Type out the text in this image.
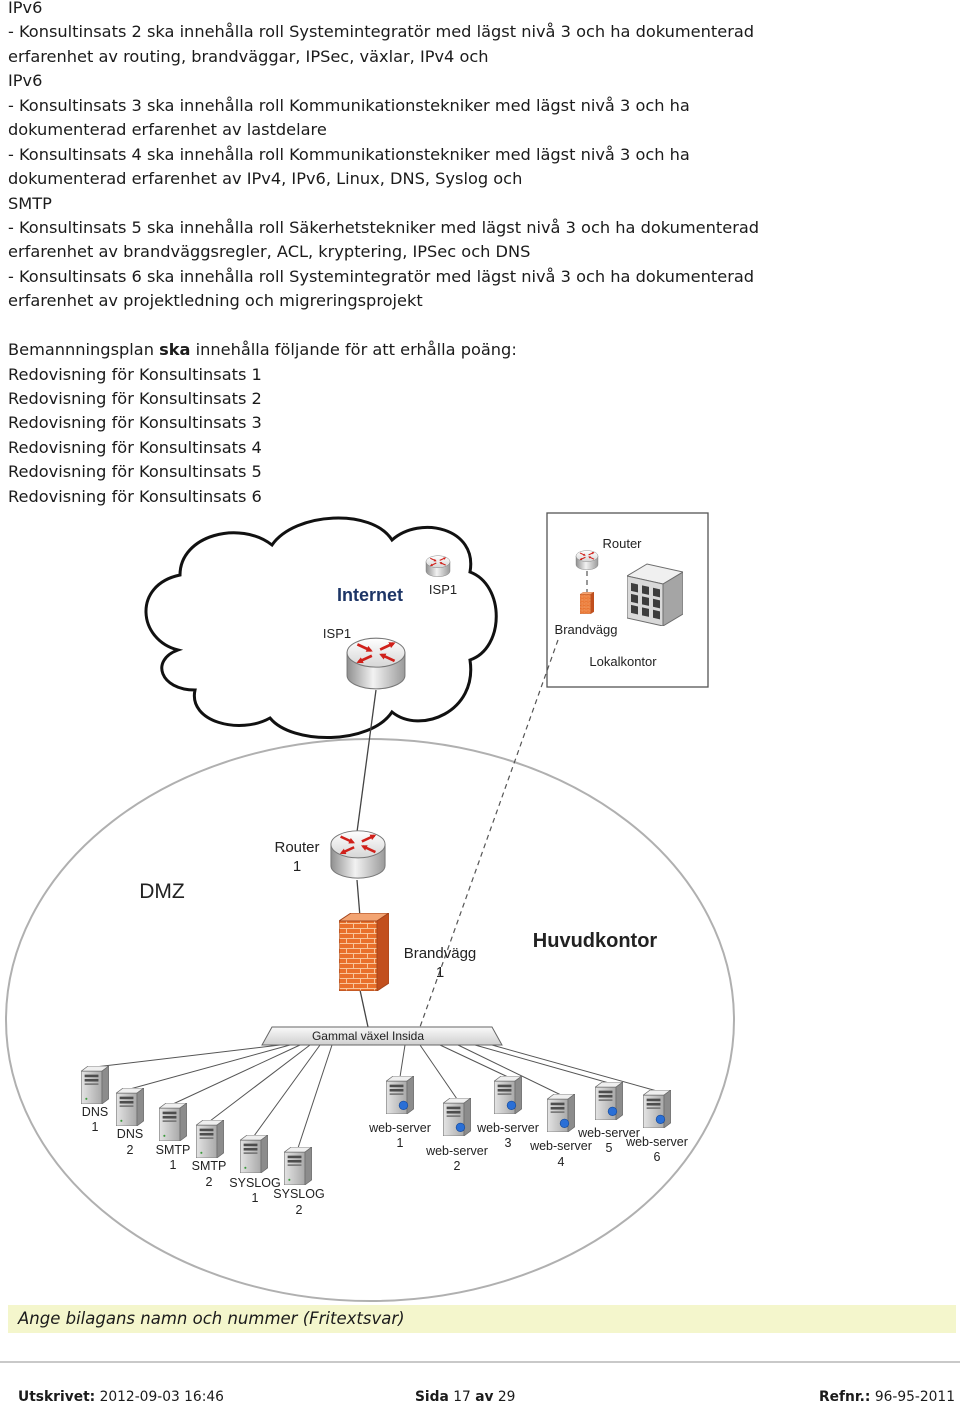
IPv6
- Konsultinsats 2 ska innehålla roll Systemintegratör med lägst nivå 3 och ha dokumenterad
erfarenhet av routing, brandväggar, IPSec, växlar, IPv4 och
IPv6
- Konsultinsats 3 ska innehålla roll Kommunikationstekniker med lägst nivå 3 och ha
dokumenterad erfarenhet av lastdelare
- Konsultinsats 4 ska innehålla roll Kommunikationstekniker med lägst nivå 3 och ha
dokumenterad erfarenhet av IPv4, IPv6, Linux, DNS, Syslog och
SMTP
- Konsultinsats 5 ska innehålla roll Säkerhetstekniker med lägst nivå 3 och ha dokumenterad
erfarenhet av brandväggsregler, ACL, kryptering, IPSec och DNS
- Konsultinsats 6 ska innehålla roll Systemintegratör med lägst nivå 3 och ha dokumenterad
erfarenhet av projektledning och migreringsprojekt
Bemannningsplan ska innehålla följande för att erhålla poäng:
Redovisning för Konsultinsats 1
Redovisning för Konsultinsats 2
Redovisning för Konsultinsats 3
Redovisning för Konsultinsats 4
Redovisning för Konsultinsats 5
Redovisning för Konsultinsats 6
Internet ISP1
ISP1
Router
Brandvägg
Lokalkontor
Router
1
DMZ
Brandvägg
1
Huvudkontor
Gammal växel Insida
DNS
1 DNS
2 SMTP
1 SMTP
2 SYSLOG
1 SYSLOG
2
web-server
1
web-server
2
web-server
3 web-server
4
web-server
5 web-server
6
Ange bilagans namn och nummer (Fritextsvar)
Utskrivet: 2012-09-03 16:46	Sida 17 av 29	Refnr.: 96-95-2011
